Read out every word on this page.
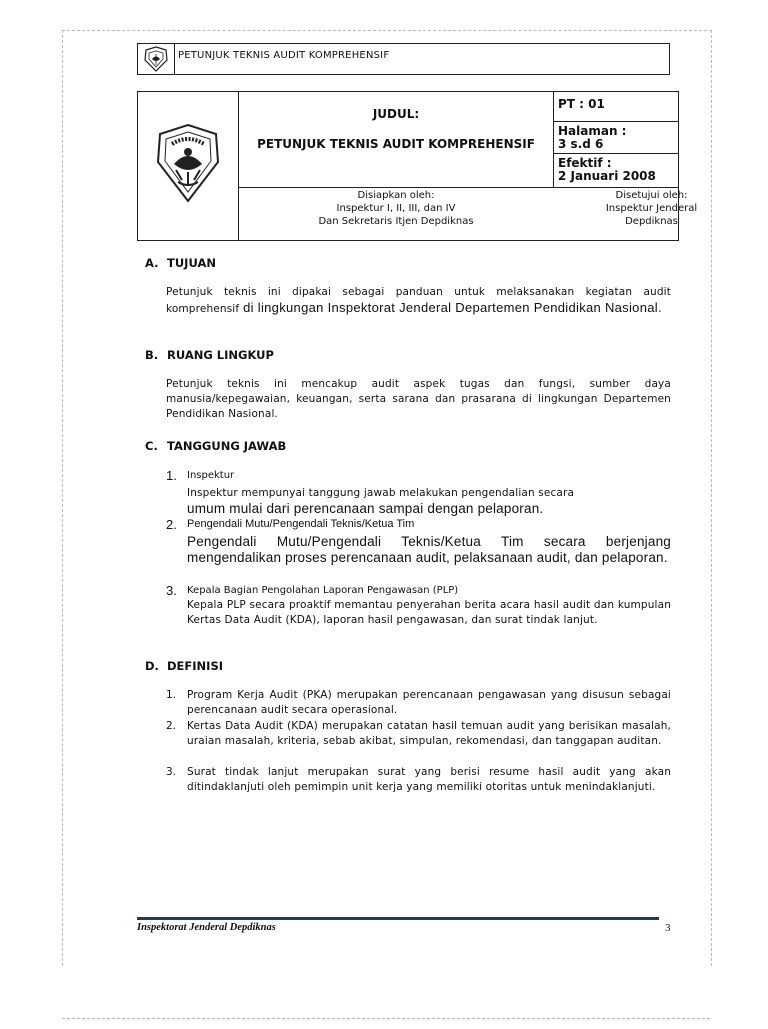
PETUNJUK TEKNIS AUDIT KOMPREHENSIF
JUDUL:
PETUNJUK TEKNIS AUDIT KOMPREHENSIF
PT : 01
Halaman :
3 s.d 6
Efektif :
2 Januari 2008
Disiapkan oleh:
Inspektur I, II, III, dan IV
Dan Sekretaris Itjen Depdiknas
Disetujui oleh:
Inspektur Jenderal
Depdiknas
A. TUJUAN
Petunjuk teknis ini dipakai sebagai panduan untuk melaksanakan kegiatan audit komprehensif di lingkungan Inspektorat Jenderal Departemen Pendidikan Nasional.
B. RUANG LINGKUP
Petunjuk teknis ini mencakup audit aspek tugas dan fungsi, sumber daya manusia/kepegawaian, keuangan, serta sarana dan prasarana di lingkungan Departemen Pendidikan Nasional.
C. TANGGUNG JAWAB
1. Inspektur
Inspektur mempunyai tanggung jawab melakukan pengendalian secara
umum mulai dari perencanaan sampai dengan pelaporan.
2. Pengendali Mutu/Pengendali Teknis/Ketua Tim
Pengendali Mutu/Pengendali Teknis/Ketua Tim secara berjenjang mengendalikan proses perencanaan audit, pelaksanaan audit, dan pelaporan.
3. Kepala Bagian Pengolahan Laporan Pengawasan (PLP)
Kepala PLP secara proaktif memantau penyerahan berita acara hasil audit dan kumpulan Kertas Data Audit (KDA), laporan hasil pengawasan, dan surat tindak lanjut.
D. DEFINISI
1. Program Kerja Audit (PKA) merupakan perencanaan pengawasan yang disusun sebagai perencanaan audit secara operasional.
2. Kertas Data Audit (KDA) merupakan catatan hasil temuan audit yang berisikan masalah, uraian masalah, kriteria, sebab akibat, simpulan, rekomendasi, dan tanggapan auditan.
3. Surat tindak lanjut merupakan surat yang berisi resume hasil audit yang akan ditindaklanjuti oleh pemimpin unit kerja yang memiliki otoritas untuk menindaklanjuti.
Inspektorat Jenderal Depdiknas	3
